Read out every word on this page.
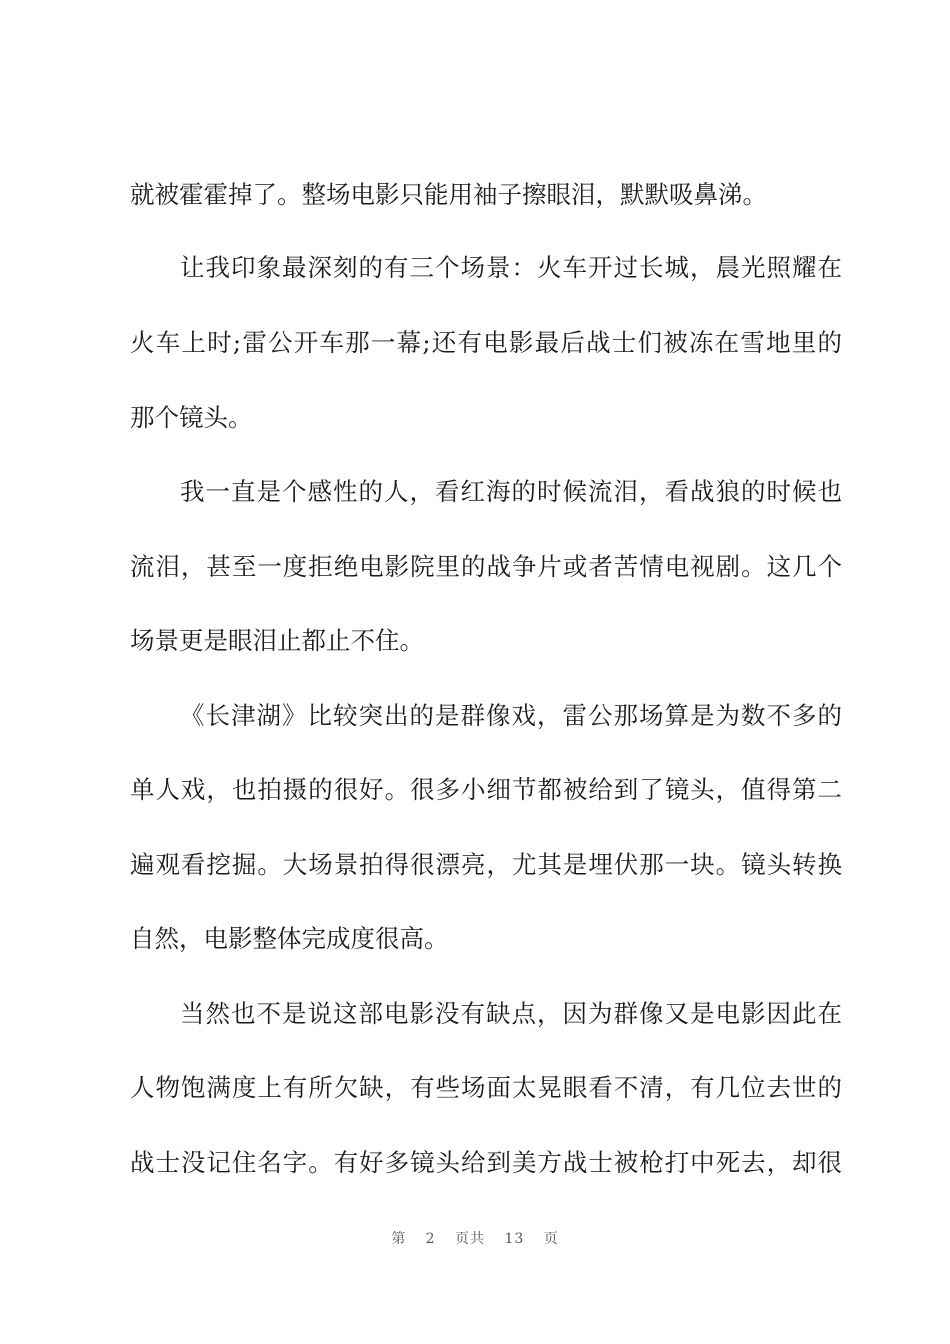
就被霍霍掉了。整场电影只能用袖子擦眼泪，默默吸鼻涕。
让我印象最深刻的有三个场景：火车开过长城，晨光照耀在
火车上时;雷公开车那一幕;还有电影最后战士们被冻在雪地里的
那个镜头。
我一直是个感性的人，看红海的时候流泪，看战狼的时候也
流泪，甚至一度拒绝电影院里的战争片或者苦情电视剧。这几个
场景更是眼泪止都止不住。
《长津湖》比较突出的是群像戏，雷公那场算是为数不多的
单人戏，也拍摄的很好。很多小细节都被给到了镜头，值得第二
遍观看挖掘。大场景拍得很漂亮，尤其是埋伏那一块。镜头转换
自然，电影整体完成度很高。
当然也不是说这部电影没有缺点，因为群像又是电影因此在
人物饱满度上有所欠缺，有些场面太晃眼看不清，有几位去世的
战士没记住名字。有好多镜头给到美方战士被枪打中死去，却很
第 2 页共 13 页
